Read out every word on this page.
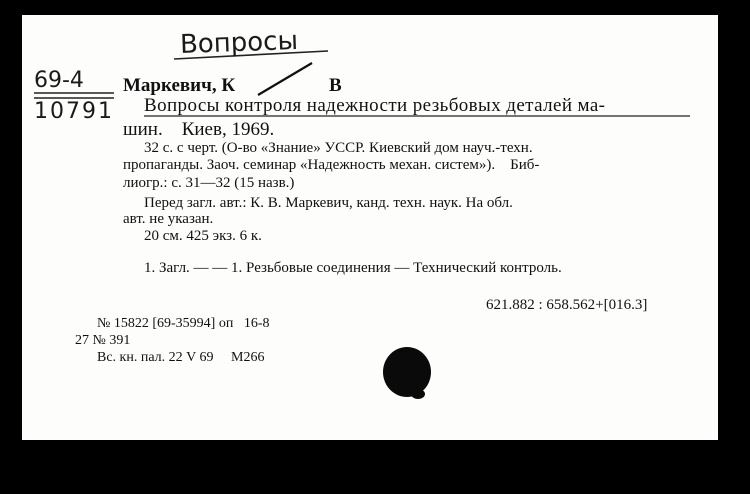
Вопросы
69-4
10791
Маркевич, К	В
Вопросы контроля надежности резьбовых деталей ма-
шин.    Киев, 1969.
32 с. с черт. (О-во «Знание» УССР. Киевский дом науч.-техн.
пропаганды. Заоч. семинар «Надежность механ. систем»).    Биб-
лиогр.: с. 31—32 (15 назв.)
Перед загл. авт.: К. В. Маркевич, канд. техн. наук. На обл.
авт. не указан.
20 см. 425 экз. 6 к.
1. Загл. — — 1. Резьбовые соединения — Технический контроль.
621.882 : 658.562+[016.3]
№ 15822 [69-35994] оп   16-8
27 № 391
Вс. кн. пал. 22 V 69     М266
